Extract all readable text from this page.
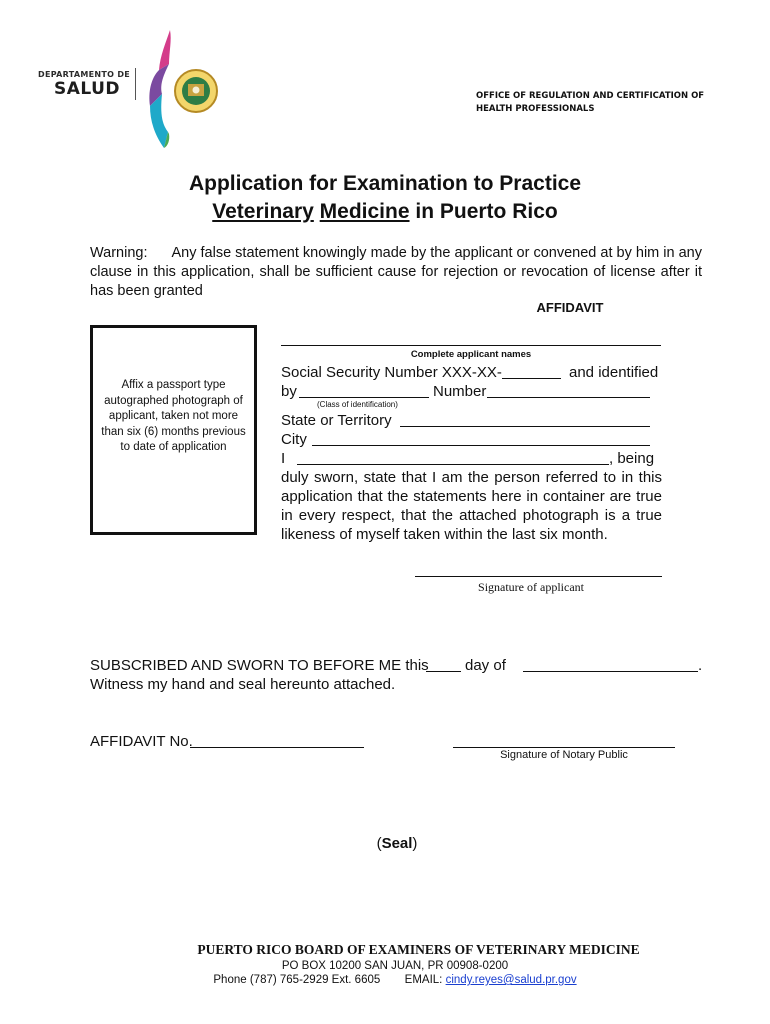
DEPARTAMENTO DE
SALUD	OFFICE OF REGULATION AND CERTIFICATION OF
HEALTH PROFESSIONALS
Application for Examination to Practice
Veterinary Medicine in Puerto Rico
Warning: Any false statement knowingly made by the applicant or convened at by him in any clause in this application, shall be sufficient cause for rejection or revocation of license after it has been granted
AFFIDAVIT
Affix a passport type autographed photograph of applicant, taken not more than six (6) months previous to date of application
Complete applicant names
Social Security Number XXX-XX-	and identified
by	Number
(Class of identification)
State or Territory
City
I	, being
duly sworn, state that I am the person referred to in this application that the statements here in container are true in every respect, that the attached photograph is a true likeness of myself taken within the last six month.
Signature of applicant
SUBSCRIBED AND SWORN TO BEFORE ME this day of	.
Witness my hand and seal hereunto attached.
AFFIDAVIT No.
Signature of Notary Public
(Seal)
PUERTO RICO BOARD OF EXAMINERS OF VETERINARY MEDICINE
PO BOX 10200 SAN JUAN, PR 00908-0200
Phone (787) 765-2929 Ext. 6605 EMAIL: cindy.reyes@salud.pr.gov
